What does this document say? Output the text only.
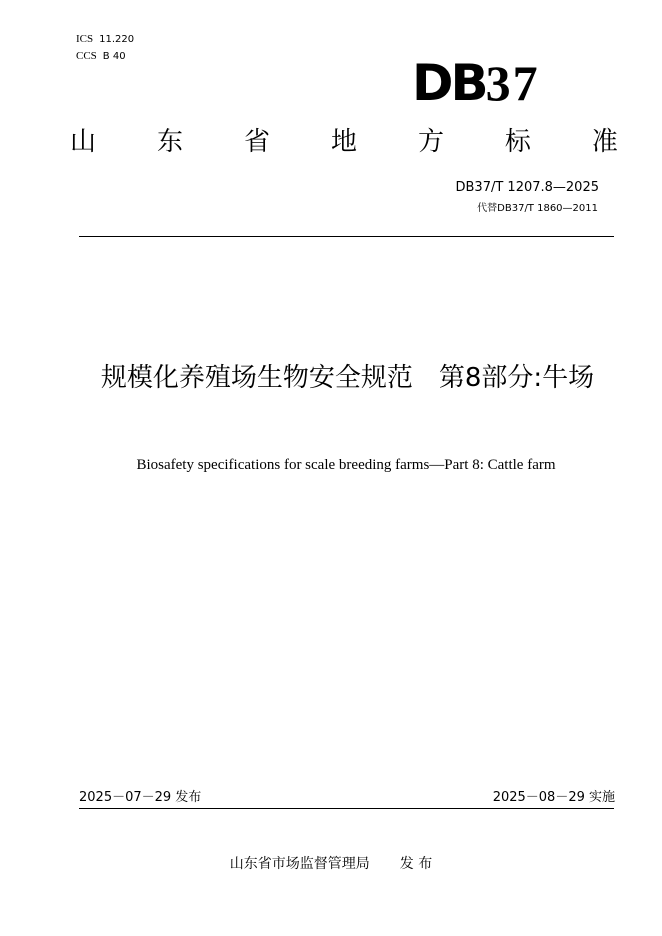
ICS 11.220
CCS B 40	DB37
山 东 省 地 方 标 准
DB37/T 1207.8—2025
代替DB37/T 1860—2011
规模化养殖场生物安全规范　第8部分:牛场
Biosafety specifications for scale breeding farms—Part 8: Cattle farm
2025－07－29 发布	2025－08－29 实施
山东省市场监督管理局 发 布
